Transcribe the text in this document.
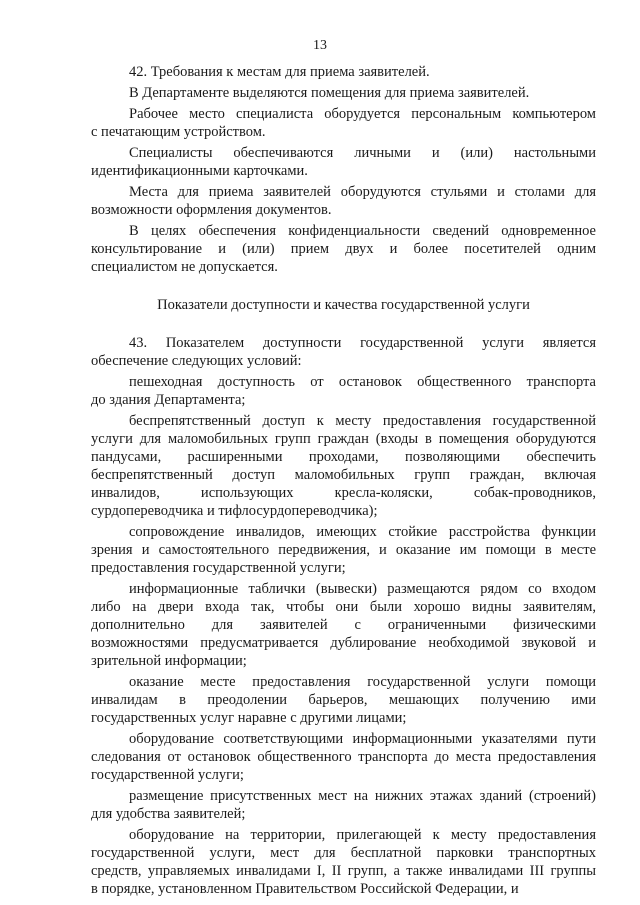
13
42. Требования к местам для приема заявителей.
В Департаменте выделяются помещения для приема заявителей.
Рабочее место специалиста оборудуется персональным компьютером
с печатающим устройством.
Специалисты обеспечиваются личными и (или) настольными
идентификационными карточками.
Места для приема заявителей оборудуются стульями и столами для
возможности оформления документов.
В целях обеспечения конфиденциальности сведений одновременное
консультирование и (или) прием двух и более посетителей одним
специалистом не допускается.
Показатели доступности и качества государственной услуги
43. Показателем доступности государственной услуги является
обеспечение следующих условий:
пешеходная доступность от остановок общественного транспорта
до здания Департамента;
беспрепятственный доступ к месту предоставления государственной
услуги для маломобильных групп граждан (входы в помещения оборудуются
пандусами, расширенными проходами, позволяющими обеспечить
беспрепятственный доступ маломобильных групп граждан, включая
инвалидов, использующих кресла-коляски, собак-проводников,
сурдопереводчика и тифлосурдопереводчика);
сопровождение инвалидов, имеющих стойкие расстройства функции
зрения и самостоятельного передвижения, и оказание им помощи в месте
предоставления государственной услуги;
информационные таблички (вывески) размещаются рядом со входом
либо на двери входа так, чтобы они были хорошо видны заявителям,
дополнительно для заявителей с ограниченными физическими
возможностями предусматривается дублирование необходимой звуковой и
зрительной информации;
оказание месте предоставления государственной услуги помощи
инвалидам в преодолении барьеров, мешающих получению ими
государственных услуг наравне с другими лицами;
оборудование соответствующими информационными указателями пути
следования от остановок общественного транспорта до места предоставления
государственной услуги;
размещение присутственных мест на нижних этажах зданий (строений)
для удобства заявителей;
оборудование на территории, прилегающей к месту предоставления
государственной услуги, мест для бесплатной парковки транспортных
средств, управляемых инвалидами I, II групп, а также инвалидами III группы
в порядке, установленном Правительством Российской Федерации, и
